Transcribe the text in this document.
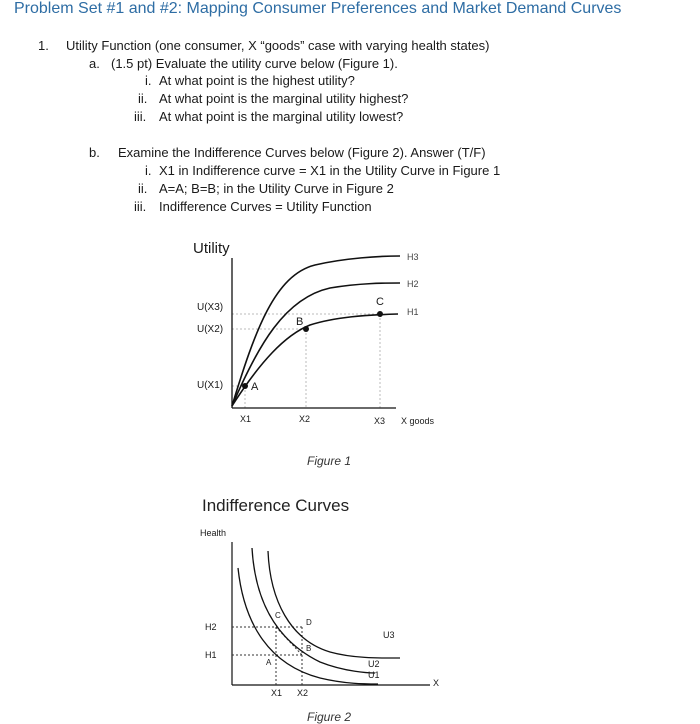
Problem Set #1 and #2: Mapping Consumer Preferences and Market Demand Curves
1. Utility Function (one consumer, X “goods” case with varying health states)
a. (1.5 pt) Evaluate the utility curve below (Figure 1).
i. At what point is the highest utility?
ii. At what point is the marginal utility highest?
iii. At what point is the marginal utility lowest?
b. Examine the Indifference Curves below (Figure 2). Answer (T/F)
i. X1 in Indifference curve = X1 in the Utility Curve in Figure 1
ii. A=A; B=B; in the Utility Curve in Figure 2
iii. Indifference Curves = Utility Function
Utility
U(X3)
U(X2)
U(X1)
X1	X2	X3 X goods
H3
H2
H1
A
B
C
Figure 1
Indifference Curves
Health
H2
H1
X1 X2
X
U3
U2
U1
A
B
C
D
Figure 2
